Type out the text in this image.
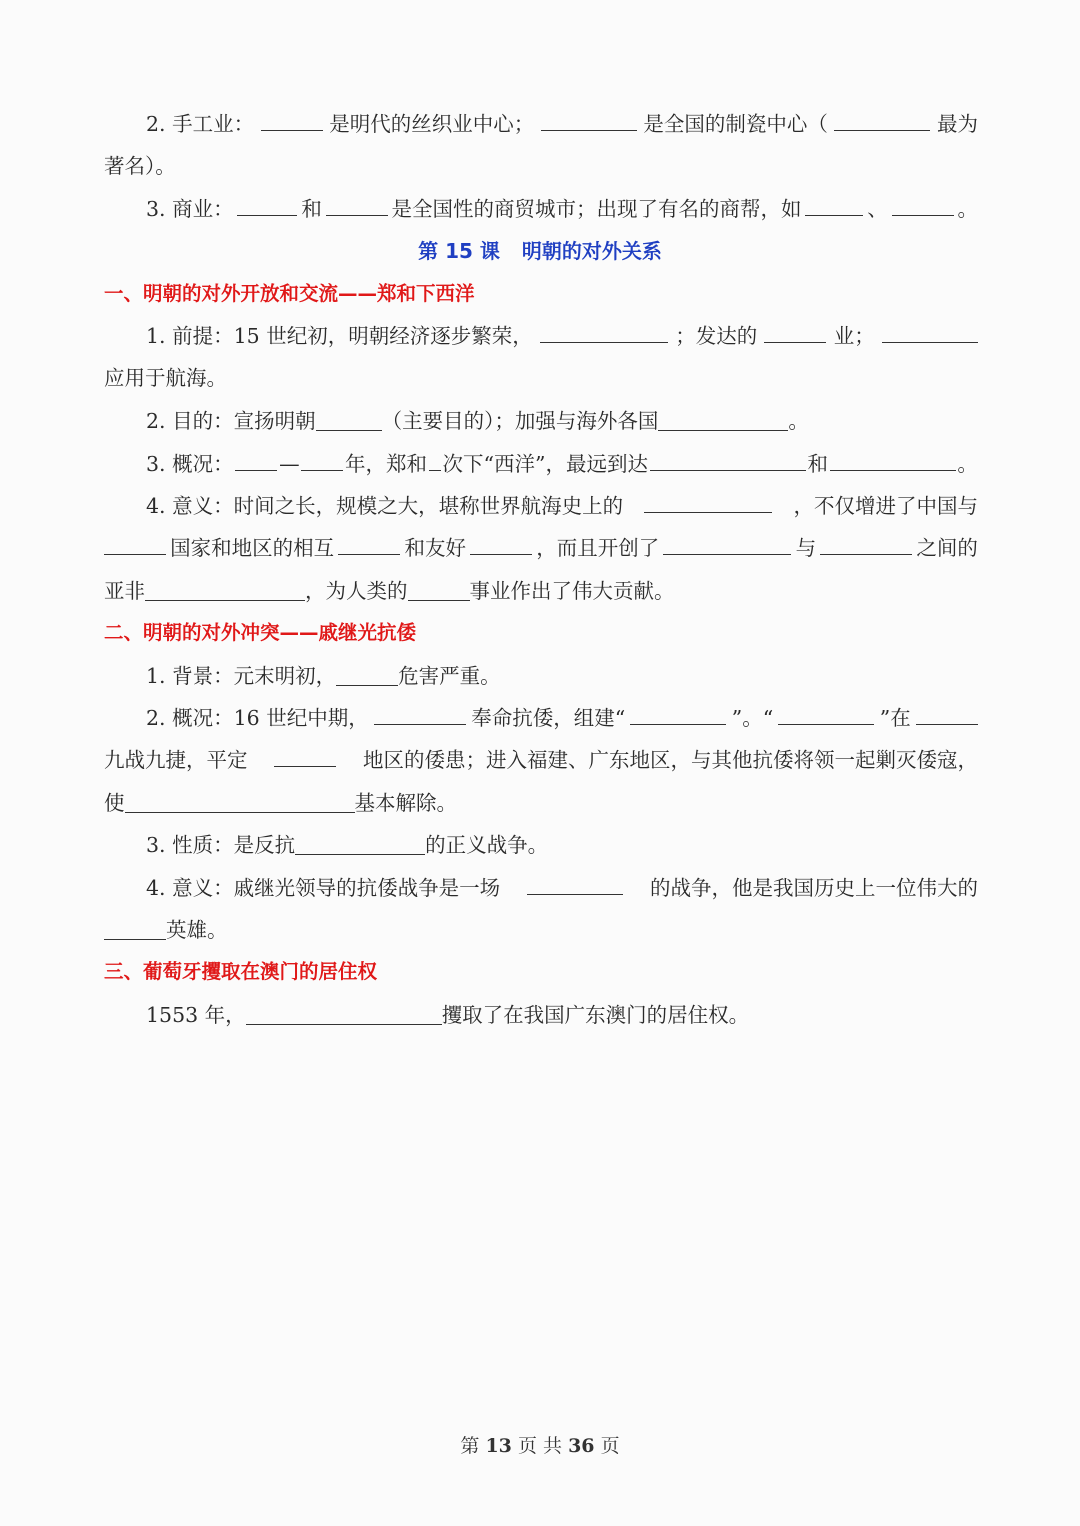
2. 手工业：	是明代的丝织业中心；	是全国的制瓷中心（	最为
著名）。
3. 商业：	和	是全国性的商贸城市；出现了有名的商帮，如	、	。
第 15 课 明朝的对外关系
一、明朝的对外开放和交流——郑和下西洋
1. 前提：15 世纪初，明朝经济逐步繁荣，	；发达的	业；
应用于航海。
2. 目的：宣扬明朝	（主要目的）；加强与海外各国	。
3. 概况： — 年，郑和 次下“西洋”，最远到达	和	。
4. 意义：时间之长，规模之大，堪称世界航海史上的	，不仅增进了中国与
国家和地区的相互	和友好	，而且开创了	与	之间的
亚非	，为人类的	事业作出了伟大贡献。
二、明朝的对外冲突——戚继光抗倭
1. 背景：元末明初，	危害严重。
2. 概况：16 世纪中期，	奉命抗倭，组建“	”。“	”在
九战九捷，平定	地区的倭患；进入福建、广东地区，与其他抗倭将领一起剿灭倭寇，
使	基本解除。
3. 性质：是反抗	的正义战争。
4. 意义：戚继光领导的抗倭战争是一场	的战争，他是我国历史上一位伟大的
英雄。
三、葡萄牙攫取在澳门的居住权
1553 年，	攫取了在我国广东澳门的居住权。
第 13 页 共 36 页
